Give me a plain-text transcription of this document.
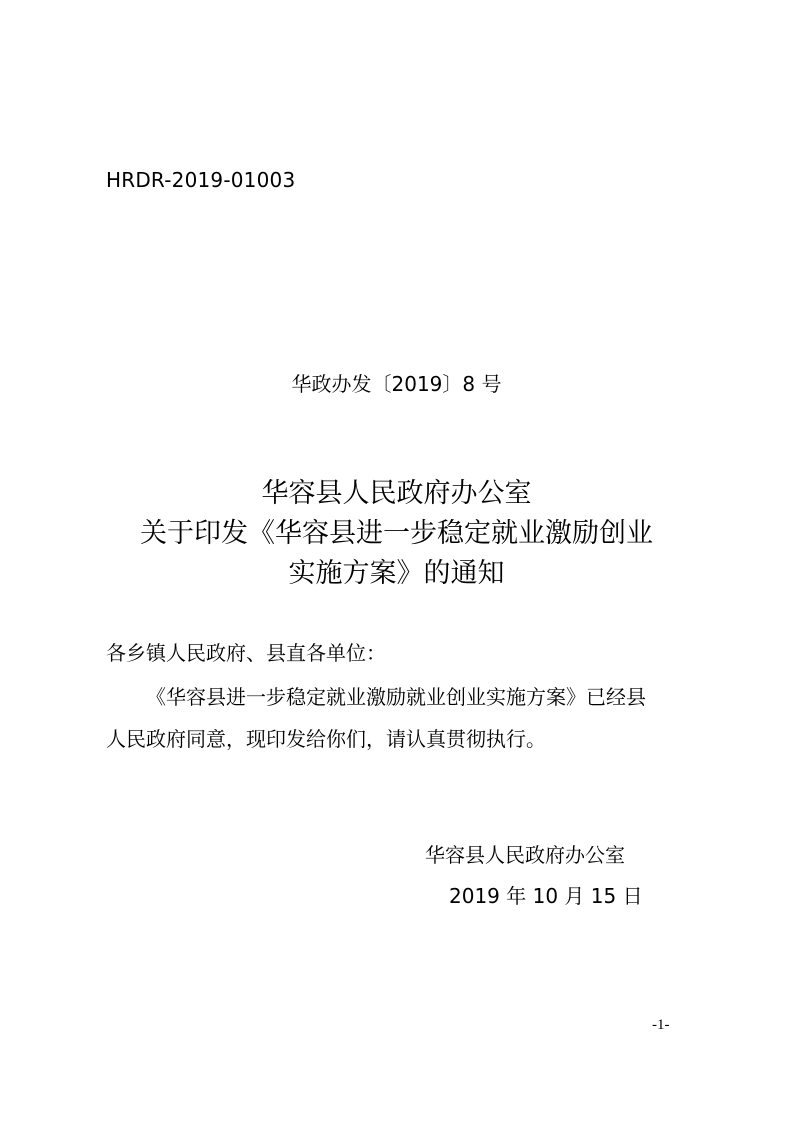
HRDR-2019-01003
华政办发〔2019〕8 号
华容县人民政府办公室
关于印发《华容县进一步稳定就业激励创业
实施方案》的通知
各乡镇人民政府、县直各单位：
《华容县进一步稳定就业激励就业创业实施方案》已经县
人民政府同意，现印发给你们，请认真贯彻执行。
华容县人民政府办公室
2019 年 10 月 15 日
-1-
